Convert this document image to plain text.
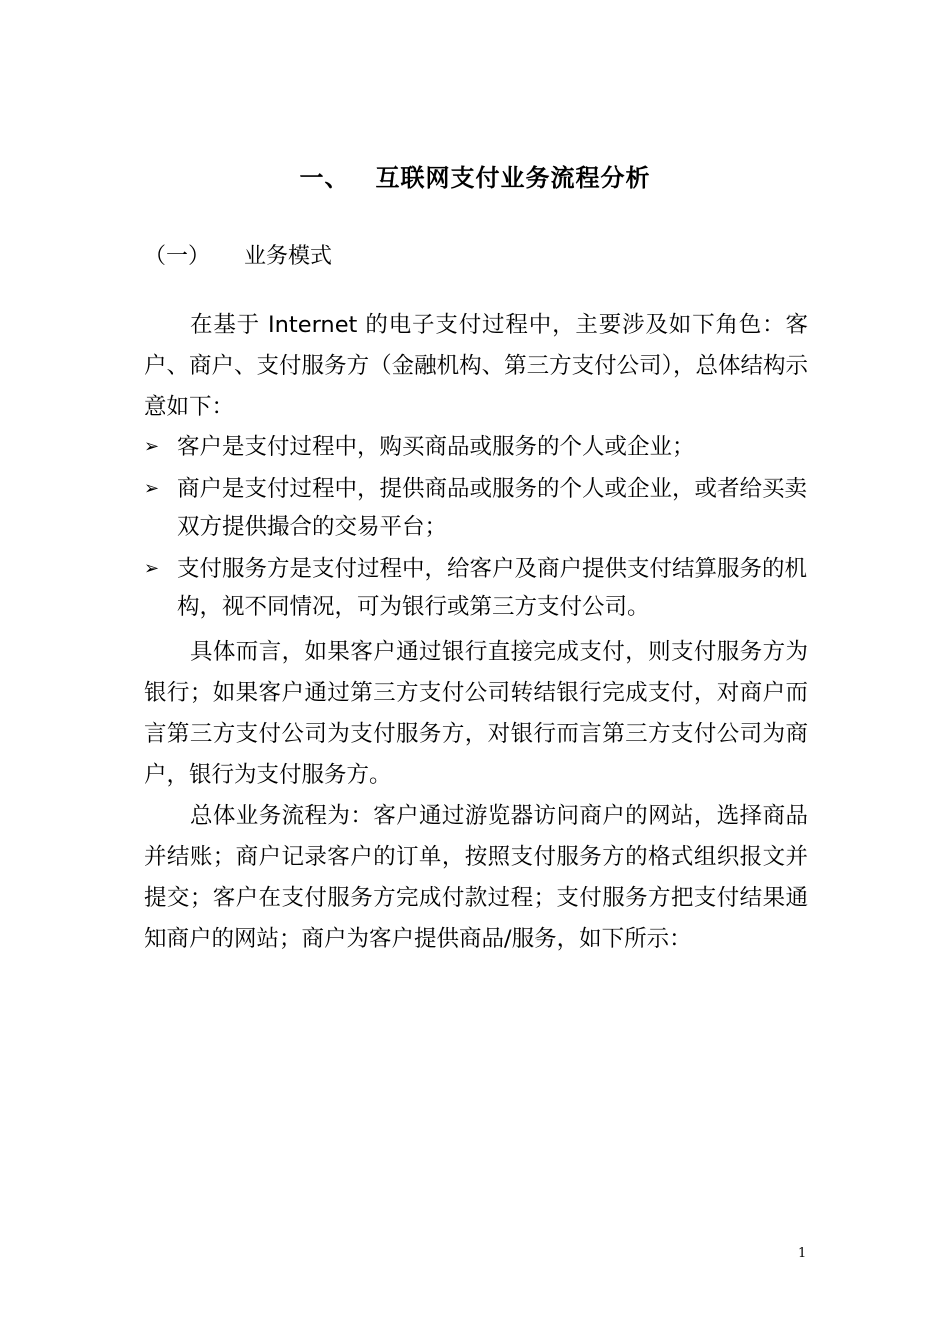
一、 互联网支付业务流程分析
（一） 业务模式

在基于 Internet 的电子支付过程中，主要涉及如下角色：客户、商户、支付服务方（金融机构、第三方支付公司），总体结构示意如下：

➢ 客户是支付过程中，购买商品或服务的个人或企业；
➢ 商户是支付过程中，提供商品或服务的个人或企业，或者给买卖双方提供撮合的交易平台；
➢ 支付服务方是支付过程中，给客户及商户提供支付结算服务的机构，视不同情况，可为银行或第三方支付公司。

具体而言，如果客户通过银行直接完成支付，则支付服务方为银行；如果客户通过第三方支付公司转结银行完成支付，对商户而言第三方支付公司为支付服务方，对银行而言第三方支付公司为商户，银行为支付服务方。

总体业务流程为：客户通过游览器访问商户的网站，选择商品并结账；商户记录客户的订单，按照支付服务方的格式组织报文并提交；客户在支付服务方完成付款过程；支付服务方把支付结果通知商户的网站；商户为客户提供商品/服务，如下所示：

1
